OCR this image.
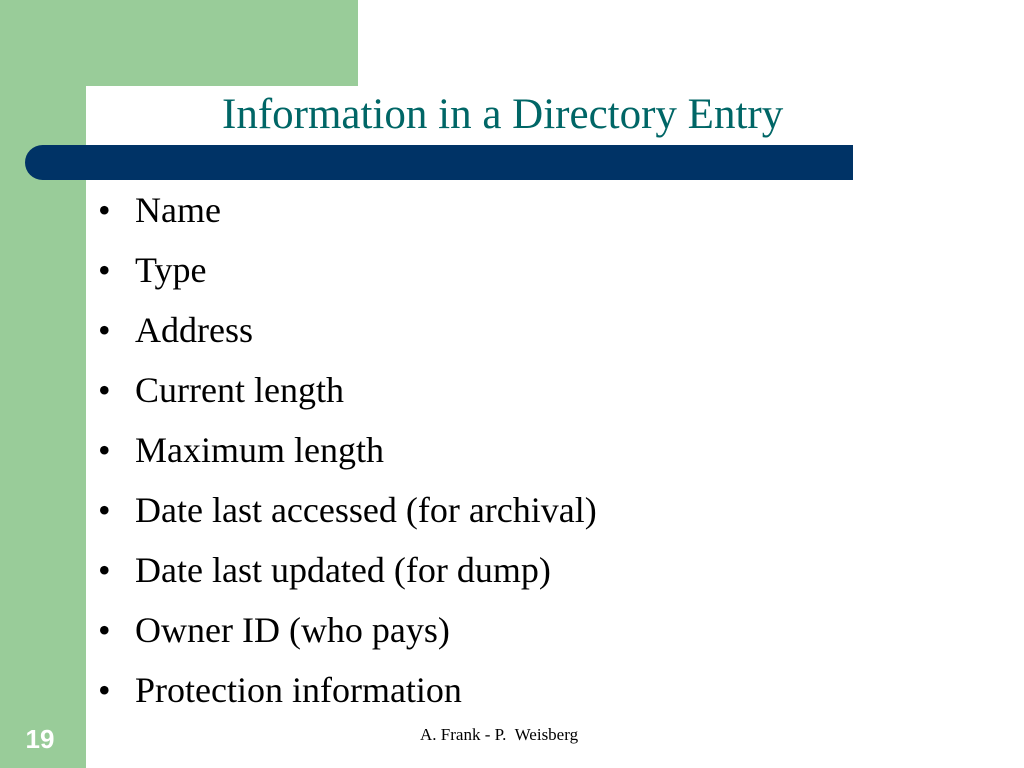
Information in a Directory Entry
• Name
• Type
• Address
• Current length
• Maximum length
• Date last accessed (for archival)
• Date last updated (for dump)
• Owner ID (who pays)
• Protection information
19	A. Frank - P.  Weisberg
